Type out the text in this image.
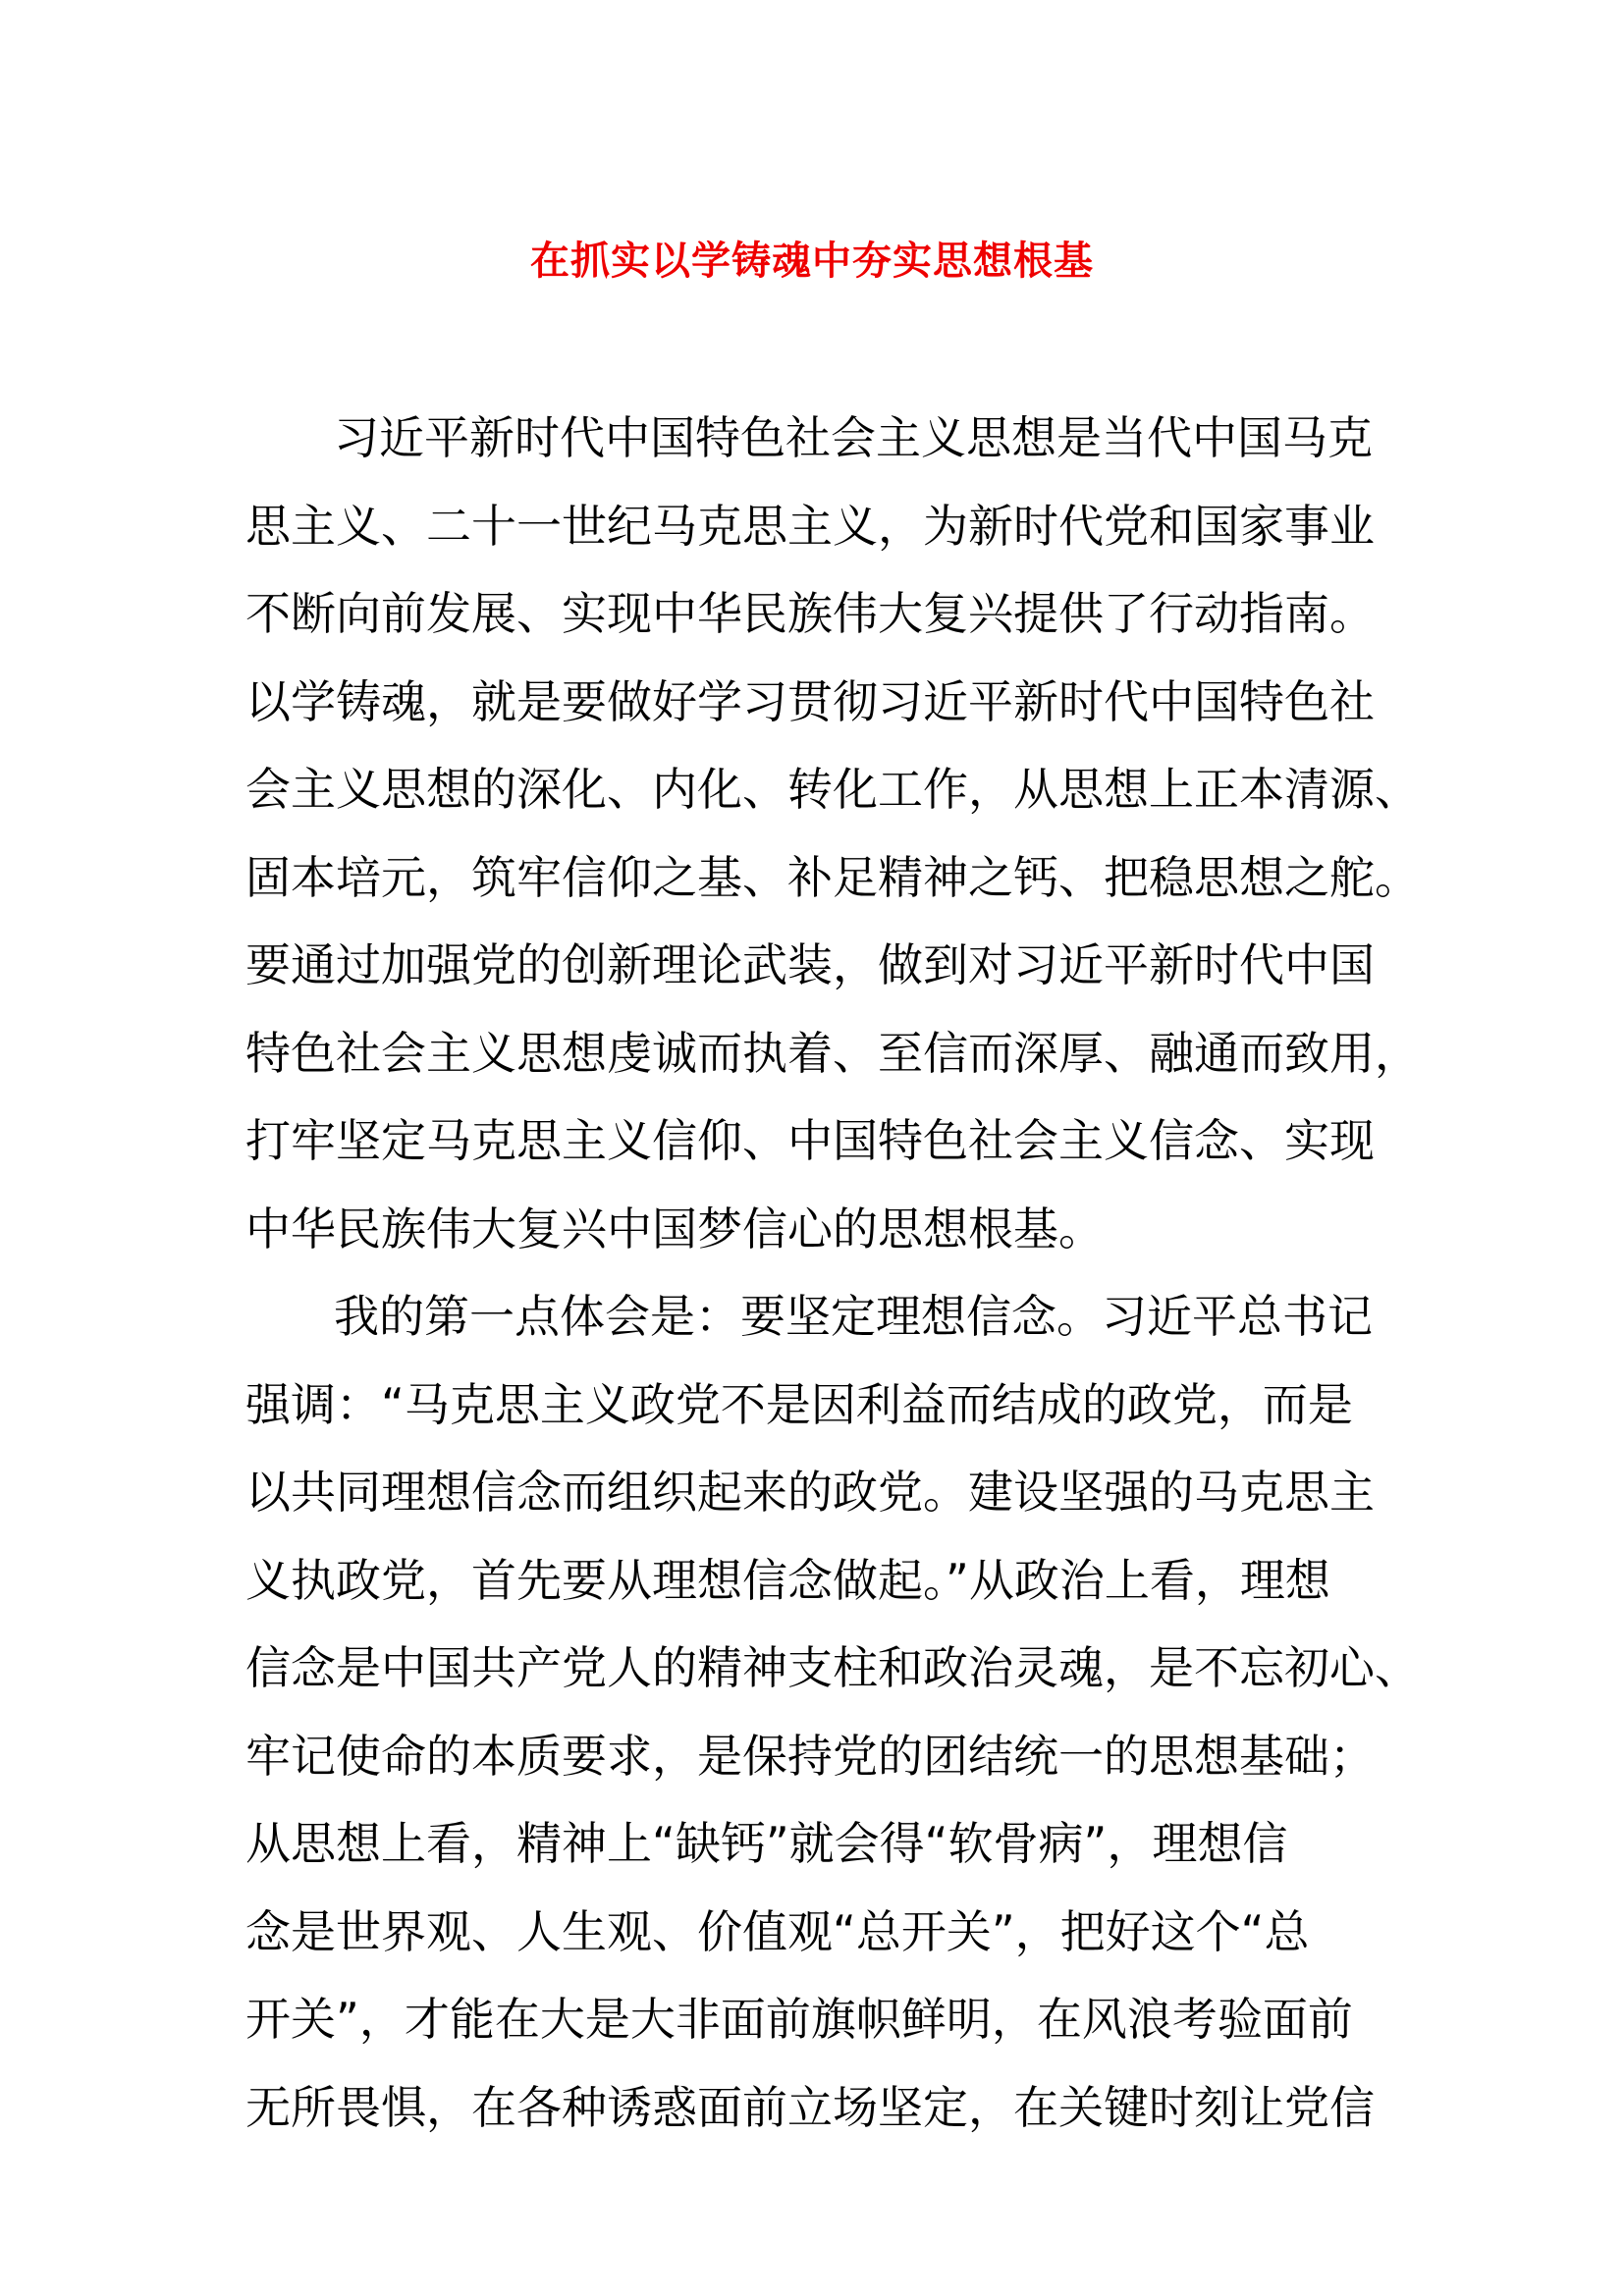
在抓实以学铸魂中夯实思想根基
习近平新时代中国特色社会主义思想是当代中国马克
思主义、二十一世纪马克思主义，为新时代党和国家事业
不断向前发展、实现中华民族伟大复兴提供了行动指南。
以学铸魂，就是要做好学习贯彻习近平新时代中国特色社
会主义思想的深化、内化、转化工作，从思想上正本清源、
固本培元，筑牢信仰之基、补足精神之钙、把稳思想之舵。
要通过加强党的创新理论武装，做到对习近平新时代中国
特色社会主义思想虔诚而执着、至信而深厚、融通而致用，
打牢坚定马克思主义信仰、中国特色社会主义信念、实现
中华民族伟大复兴中国梦信心的思想根基。
我的第一点体会是：要坚定理想信念。习近平总书记
强调：“马克思主义政党不是因利益而结成的政党，而是
以共同理想信念而组织起来的政党。建设坚强的马克思主
义执政党，首先要从理想信念做起。”从政治上看，理想
信念是中国共产党人的精神支柱和政治灵魂，是不忘初心、
牢记使命的本质要求，是保持党的团结统一的思想基础；
从思想上看，精神上“缺钙”就会得“软骨病”，理想信
念是世界观、人生观、价值观“总开关”，把好这个“总
开关”，才能在大是大非面前旗帜鲜明，在风浪考验面前
无所畏惧，在各种诱惑面前立场坚定，在关键时刻让党信
